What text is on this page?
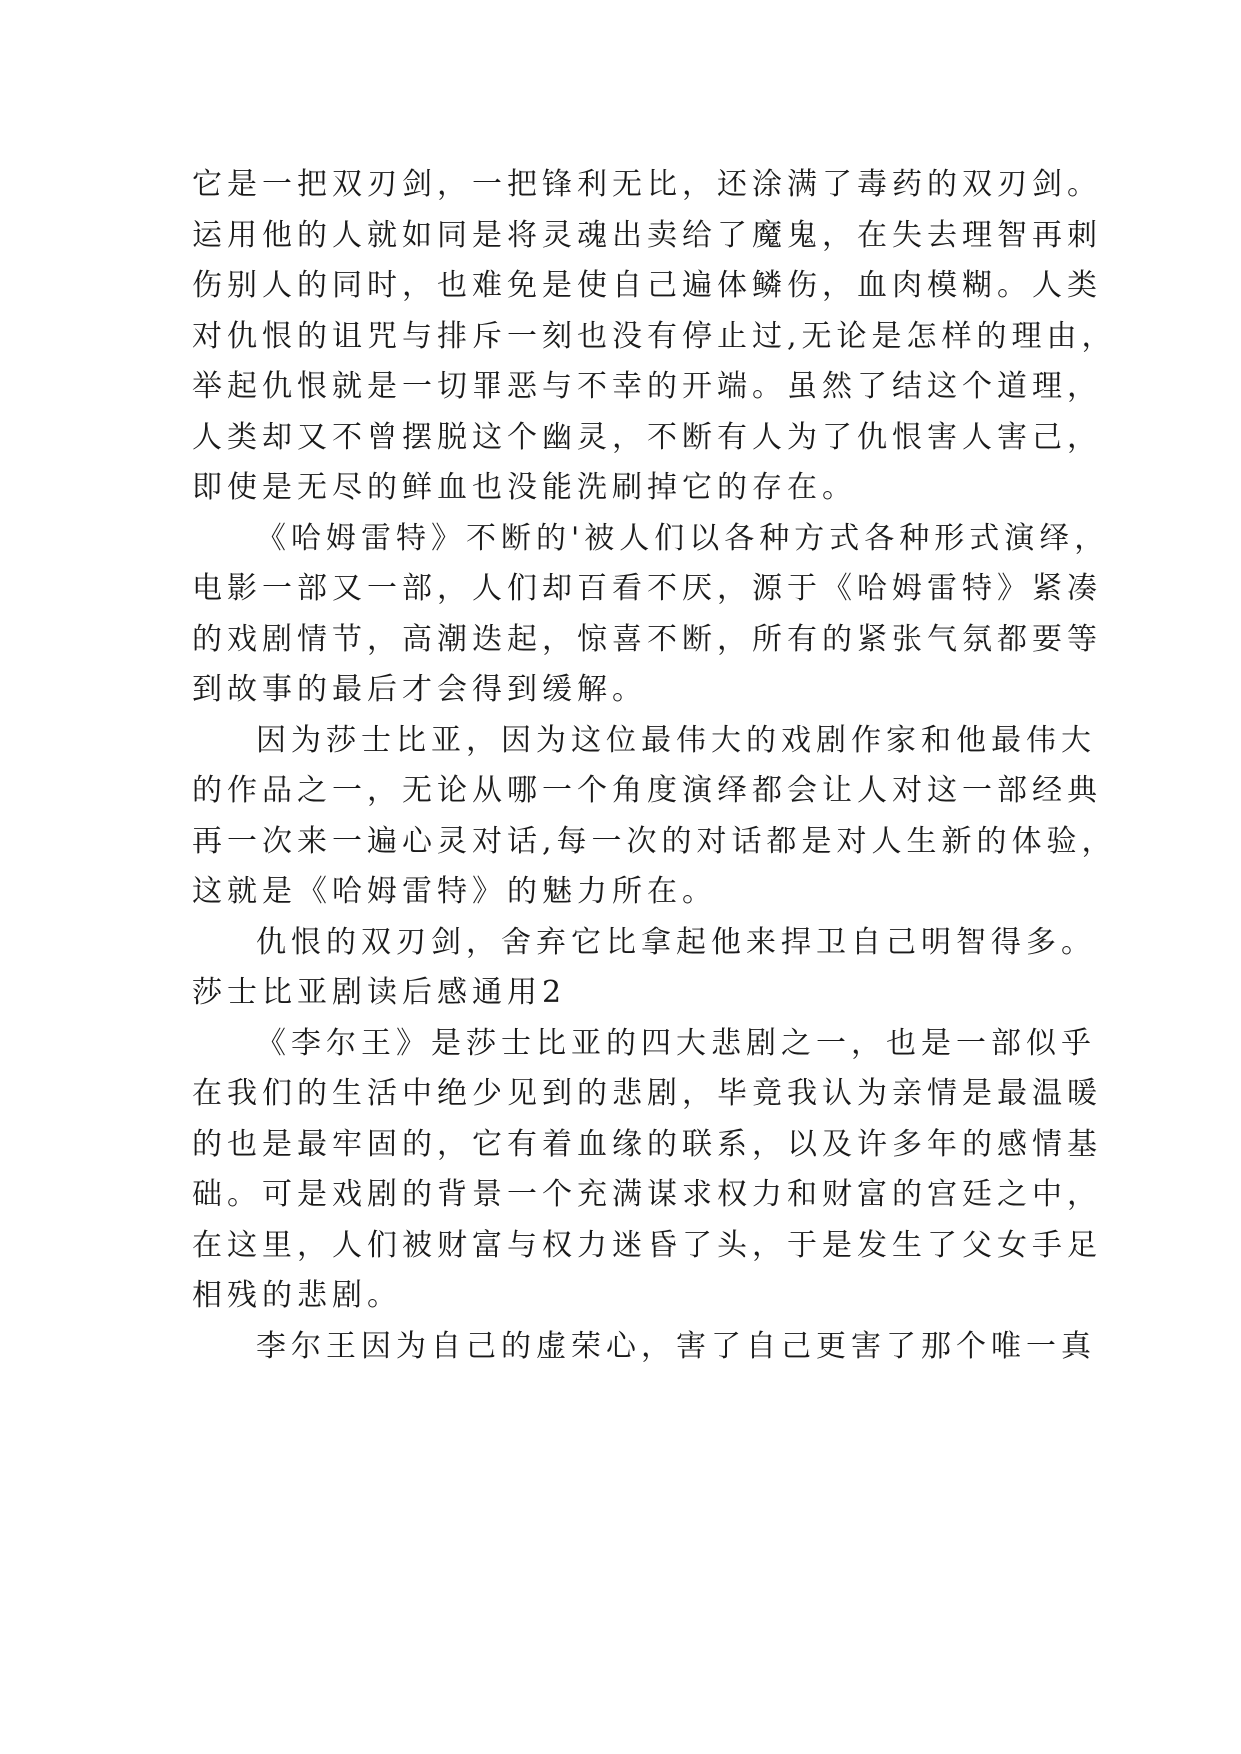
它是一把双刃剑，一把锋利无比，还涂满了毒药的双刃剑。
运用他的人就如同是将灵魂出卖给了魔鬼，在失去理智再刺
伤别人的同时，也难免是使自己遍体鳞伤，血肉模糊。人类
对仇恨的诅咒与排斥一刻也没有停止过,无论是怎样的理由，
举起仇恨就是一切罪恶与不幸的开端。虽然了结这个道理，
人类却又不曾摆脱这个幽灵，不断有人为了仇恨害人害己，
即使是无尽的鲜血也没能洗刷掉它的存在。
《哈姆雷特》不断的'被人们以各种方式各种形式演绎，
电影一部又一部，人们却百看不厌，源于《哈姆雷特》紧凑
的戏剧情节，高潮迭起，惊喜不断，所有的紧张气氛都要等
到故事的最后才会得到缓解。
因为莎士比亚，因为这位最伟大的戏剧作家和他最伟大
的作品之一，无论从哪一个角度演绎都会让人对这一部经典
再一次来一遍心灵对话,每一次的对话都是对人生新的体验，
这就是《哈姆雷特》的魅力所在。
仇恨的双刃剑，舍弃它比拿起他来捍卫自己明智得多。
莎士比亚剧读后感通用2
《李尔王》是莎士比亚的四大悲剧之一，也是一部似乎
在我们的生活中绝少见到的悲剧，毕竟我认为亲情是最温暖
的也是最牢固的，它有着血缘的联系，以及许多年的感情基
础。可是戏剧的背景一个充满谋求权力和财富的宫廷之中，
在这里，人们被财富与权力迷昏了头，于是发生了父女手足
相残的悲剧。
李尔王因为自己的虚荣心，害了自己更害了那个唯一真
